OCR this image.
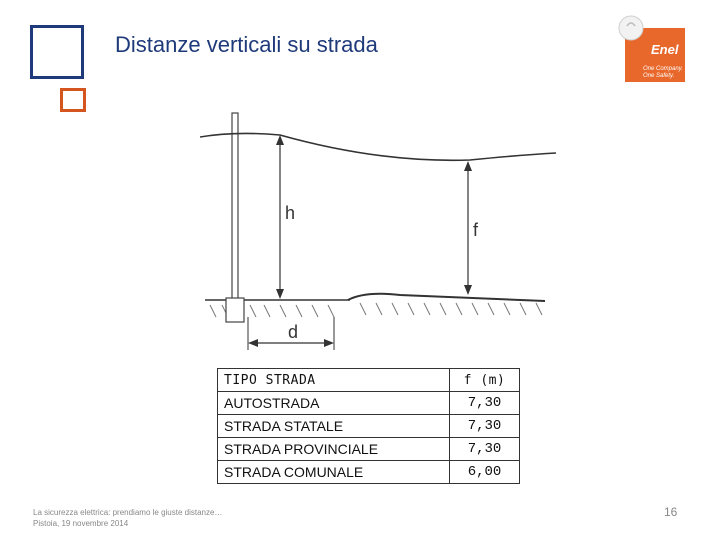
Distanze verticali su strada	Enel
One Company.
One Safety.
h
f
d
TIPO STRADA	f (m)
AUTOSTRADA	7,30
STRADA STATALE	7,30
STRADA PROVINCIALE	7,30
STRADA COMUNALE	6,00
La sicurezza elettrica: prendiamo le giuste distanze…
Pistoia, 19 novembre 2014
16
